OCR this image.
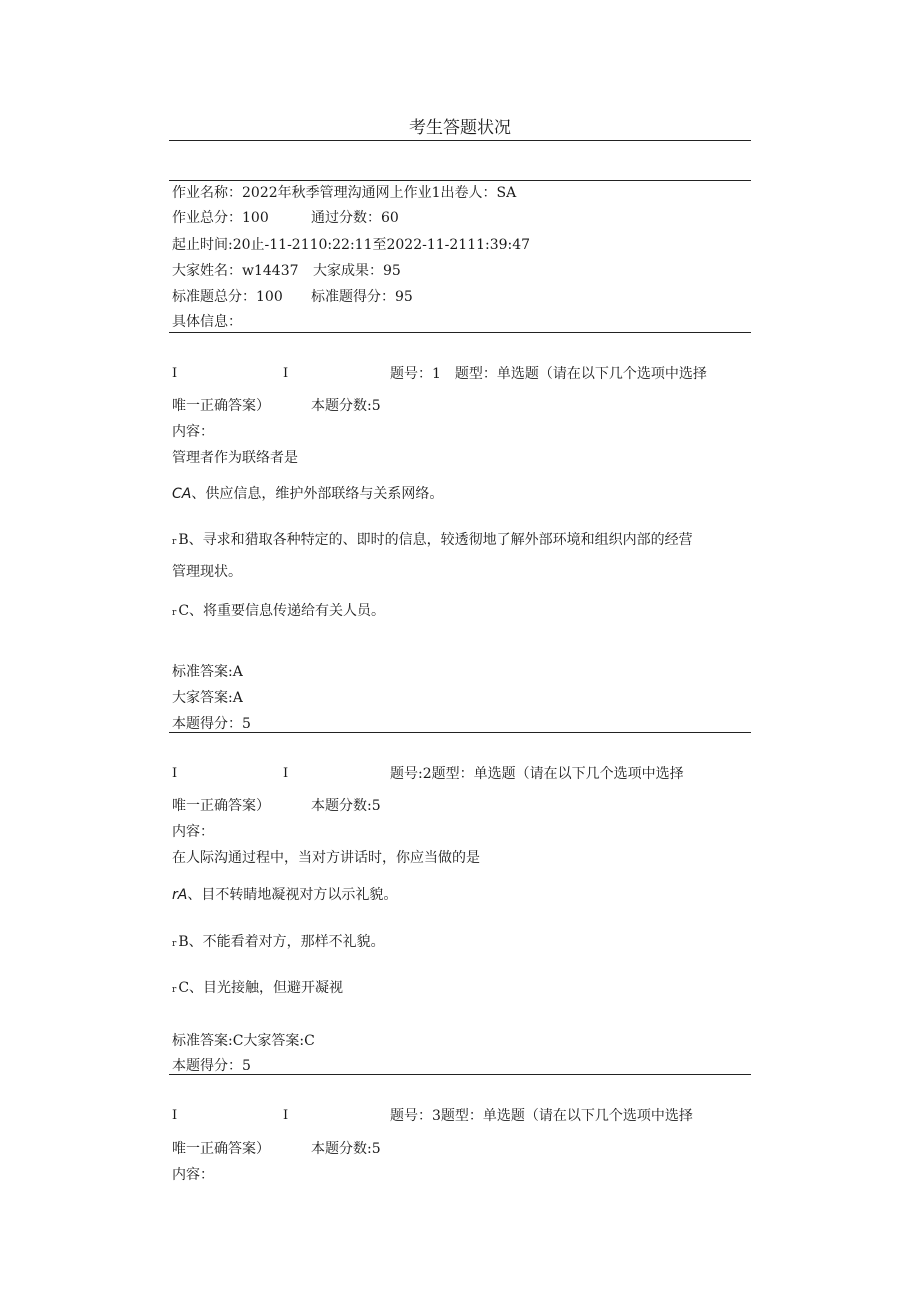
考生答题状况
作业名称：2022年秋季管理沟通网上作业1出卷人：SA
作业总分：100	通过分数：60
起止时间:20止-11-2110:22:11至2022-11-2111:39:47
大家姓名：w14437 大家成果：95
标准题总分：100 标准题得分：95
具体信息：
I	I	题号：1　题型：单选题（请在以下几个选项中选择
唯一正确答案）	本题分数:5
内容：
管理者作为联络者是
CA、供应信息，维护外部联络与关系网络。
r B、寻求和猎取各种特定的、即时的信息，较透彻地了解外部环境和组织内部的经营
管理现状。
r C、将重要信息传递给有关人员。
标准答案:A
大家答案:A
本题得分：5
I	I	题号:2题型：单选题（请在以下几个选项中选择
唯一正确答案）	本题分数:5
内容：
在人际沟通过程中，当对方讲话时，你应当做的是
rA、目不转睛地凝视对方以示礼貌。
r B、不能看着对方，那样不礼貌。
r C、目光接触，但避开凝视
标准答案:C大家答案:C
本题得分：5
I	I	题号：3题型：单选题（请在以下几个选项中选择
唯一正确答案）	本题分数:5
内容：
